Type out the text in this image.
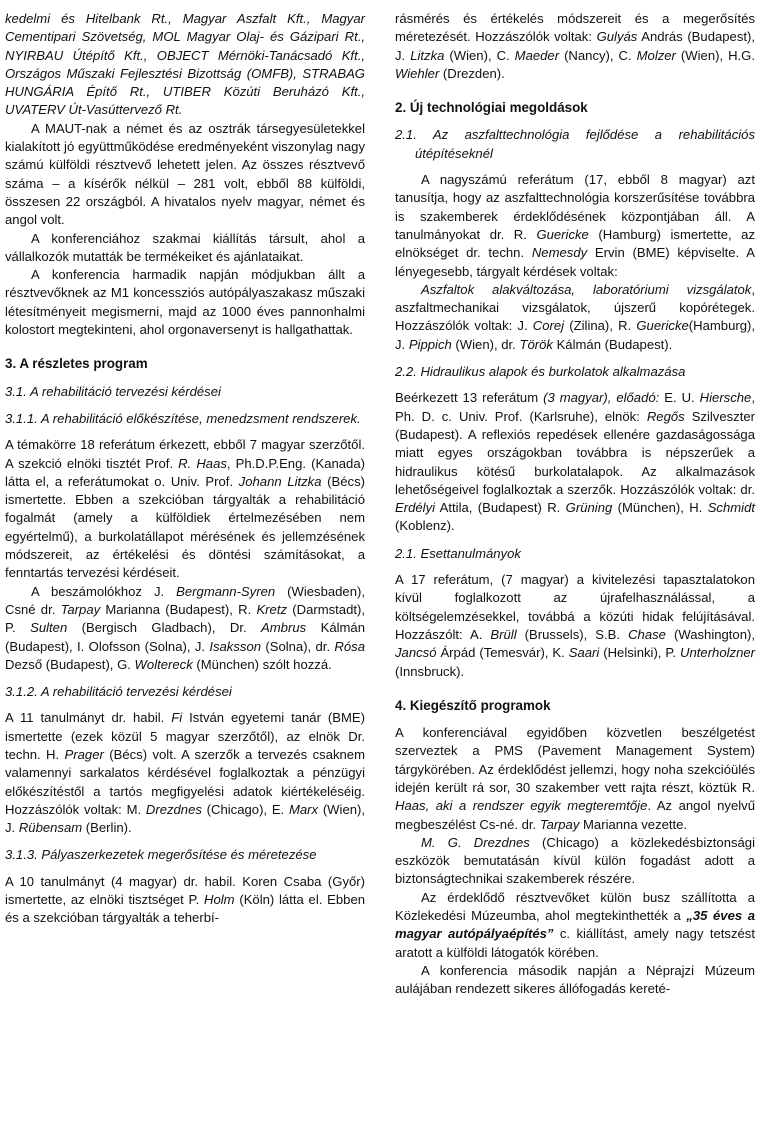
kedelmi és Hitelbank Rt., Magyar Aszfalt Kft., Magyar Cementipari Szövetség, MOL Magyar Olaj- és Gázipari Rt., NYIRBAU Útépítő Kft., OBJECT Mérnöki-Tanácsadó Kft., Országos Műszaki Fejlesztési Bizottság (OMFB), STRABAG HUNGÁRIA Építő Rt., UTIBER Közúti Beruházó Kft., UVATERV Út-Vasúttervező Rt.

A MAUT-nak a német és az osztrák társegyesületekkel kialakított jó együttműködése eredményeként viszonylag nagy számú külföldi résztvevő lehetett jelen. Az összes résztvevő száma – a kísérők nélkül – 281 volt, ebből 88 külföldi, összesen 22 országból. A hivatalos nyelv magyar, német és angol volt.

A konferenciához szakmai kiállítás társult, ahol a vállalkozók mutatták be termékeiket és ajánlataikat.

A konferencia harmadik napján módjukban állt a résztvevőknek az M1 koncessziós autópályaszakasz műszaki létesítményeit megismerni, majd az 1000 éves pannonhalmi kolostort megtekinteni, ahol orgonaversenyt is hallgathattak.

3. A részletes program
3.1. A rehabilitáció tervezési kérdései
3.1.1. A rehabilitáció előkészítése, menedzsment rendszerek.

A témakörre 18 referátum érkezett, ebből 7 magyar szerzőtől. A szekció elnöki tisztét Prof. R. Haas, Ph.D.P.Eng. (Kanada) látta el, a referátumokat o. Univ. Prof. Johann Litzka (Bécs) ismertette. Ebben a szekcióban tárgyalták a rehabilitáció fogalmát (amely a külföldiek értelmezésében nem egyértelmű), a burkolatállapot mérésének és jellemzésének módszereit, az értékelési és döntési számításokat, a fenntartás tervezési kérdéseit.

A beszámolókhoz J. Bergmann-Syren (Wiesbaden), Csné dr. Tarpay Marianna (Budapest), R. Kretz (Darmstadt), P. Sulten (Bergisch Gladbach), Dr. Ambrus Kálmán (Budapest), I. Olofsson (Solna), J. Isaksson (Solna), dr. Rósa Dezső (Budapest), G. Woltereck (München) szólt hozzá.

3.1.2. A rehabilitáció tervezési kérdései

A 11 tanulmányt dr. habil. Fi István egyetemi tanár (BME) ismertette (ezek közül 5 magyar szerzőtől), az elnök Dr. techn. H. Prager (Bécs) volt. A szerzők a tervezés csaknem valamennyi sarkalatos kérdésével foglalkoztak a pénzügyi előkészítéstől a tartós megfigyelési adatok kiértékeléséig. Hozzászólók voltak: M. Drezdnes (Chicago), E. Marx (Wien), J. Rübensam (Berlin).

3.1.3. Pályaszerkezetek megerősítése és méretezése

A 10 tanulmányt (4 magyar) dr. habil. Koren Csaba (Győr) ismertette, az elnöki tisztséget P. Holm (Köln) látta el. Ebben és a szekcióban tárgyalták a teherbí-

rásmérés és értékelés módszereit és a megerősítés méretezését. Hozzászólók voltak: Gulyás András (Budapest), J. Litzka (Wien), C. Maeder (Nancy), C. Molzer (Wien), H.G. Wiehler (Drezden).

2. Új technológiai megoldások
2.1. Az aszfalttechnológia fejlődése a rehabilitációs útépítéseknél

A nagyszámú referátum (17, ebből 8 magyar) azt tanusítja, hogy az aszfalttechnológia korszerűsítése továbbra is szakemberek érdeklődésének központjában áll. A tanulmányokat dr. R. Guericke (Hamburg) ismertette, az elnökséget dr. techn. Nemesdy Ervin (BME) képviselte. A lényegesebb, tárgyalt kérdések voltak:

Aszfaltok alakváltozása, laboratóriumi vizsgálatok, aszfaltmechanikai vizsgálatok, újszerű kopórétegek. Hozzászólók voltak: J. Corej (Zilina), R. Guericke(Hamburg), J. Pippich (Wien), dr. Török Kálmán (Budapest).

2.2. Hidraulikus alapok és burkolatok alkalmazása

Beérkezett 13 referátum (3 magyar), előadó: E. U. Hiersche, Ph. D. c. Univ. Prof. (Karlsruhe), elnök: Regős Szilveszter (Budapest). A reflexiós repedések ellenére gazdaságossága miatt egyes országokban továbbra is népszerűek a hidraulikus kötésű burkolatalapok. Az alkalmazások lehetőségeivel foglalkoztak a szerzők. Hozzászólók voltak: dr. Erdélyi Attila, (Budapest) R. Grüning (München), H. Schmidt (Koblenz).

2.1. Esettanulmányok

A 17 referátum, (7 magyar) a kivitelezési tapasztalatokon kívül foglalkozott az újrafelhasználással, a költségelemzésekkel, továbbá a közúti hidak felújításával. Hozzászólt: A. Brüll (Brussels), S.B. Chase (Washington), Jancsó Árpád (Temesvár), K. Saari (Helsinki), P. Unterholzner (Innsbruck).

4. Kiegészítő programok

A konferenciával egyidőben közvetlen beszélgetést szerveztek a PMS (Pavement Management System) tárgykörében. Az érdeklődést jellemzi, hogy noha szekcióülés idején került rá sor, 30 szakember vett rajta részt, köztük R. Haas, aki a rendszer egyik megteremtője. Az angol nyelvű megbeszélést Cs-né. dr. Tarpay Marianna vezette.

M. G. Drezdnes (Chicago) a közlekedésbiztonsági eszközök bemutatásán kívül külön fogadást adott a biztonságtechnikai szakemberek részére.

Az érdeklődő résztvevőket külön busz szállította a Közlekedési Múzeumba, ahol megtekinthették a „35 éves a magyar autópályaépítés” c. kiállítást, amely nagy tetszést aratott a külföldi látogatók körében.

A konferencia második napján a Néprajzi Múzeum aulájában rendezett sikeres állófogadás kereté-
